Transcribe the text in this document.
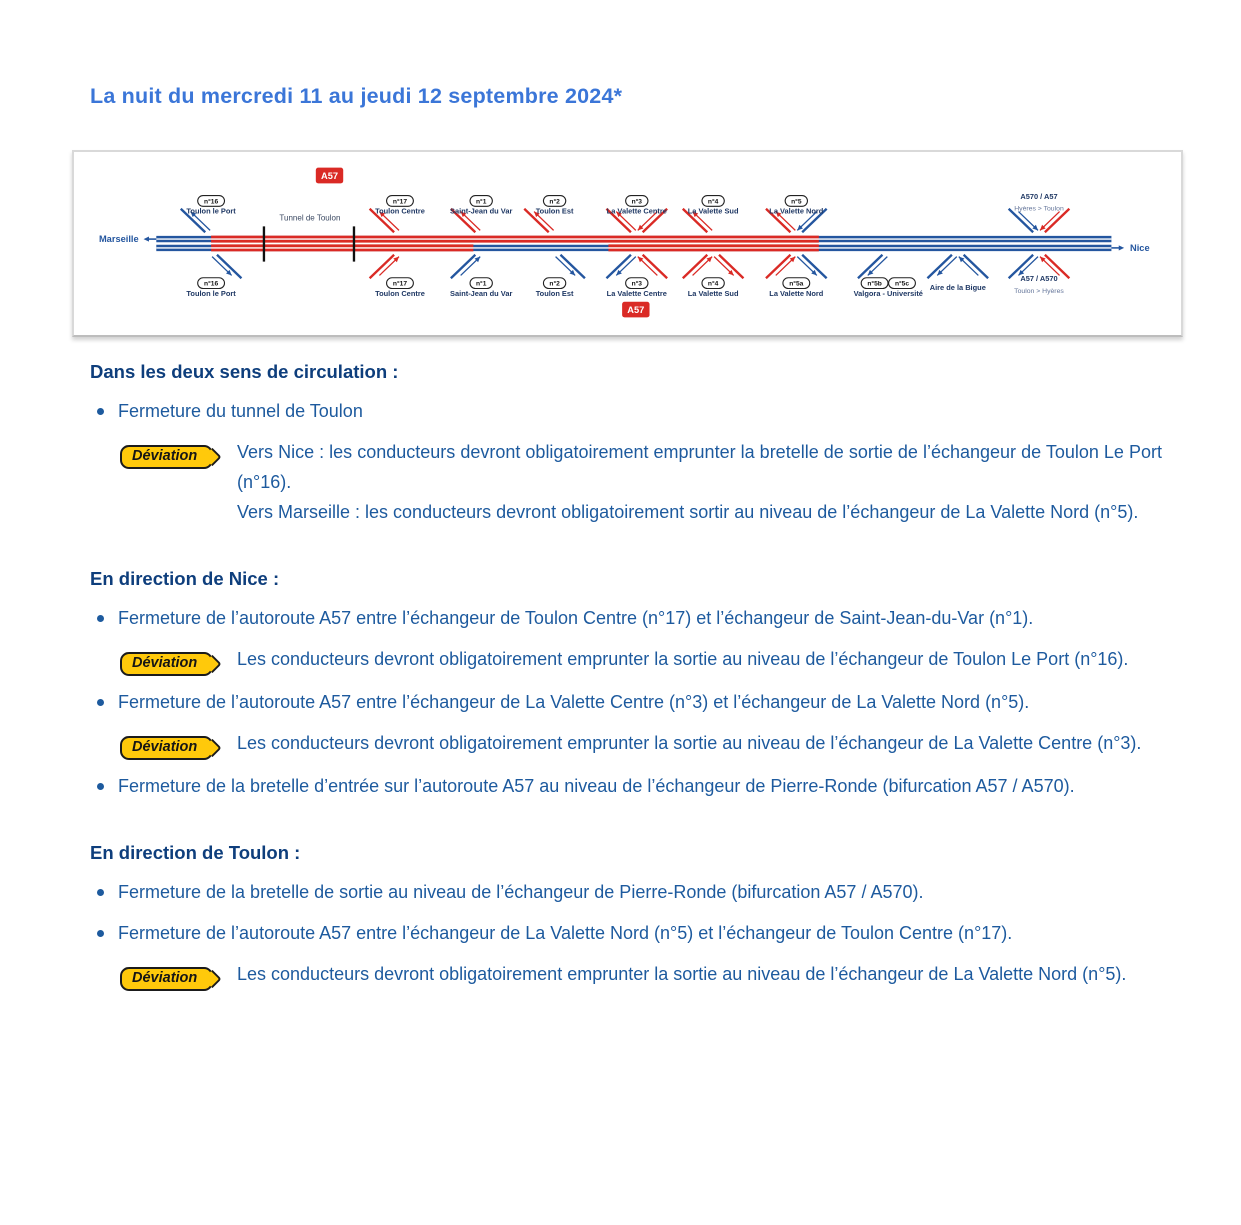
La nuit du mercredi 11 au jeudi 12 septembre 2024*
Tunnel de Toulon
Marseille
Nice
n°16
Toulon le Port
n°16
Toulon le Port
n°17
Toulon Centre
n°17
Toulon Centre
n°1
Saint-Jean du Var
n°1
Saint-Jean du Var
n°2
Toulon Est
n°2
Toulon Est
n°3
La Valette Centre
n°3
La Valette Centre
n°4
La Valette Sud
n°4
La Valette Sud
n°5
La Valette Nord
n°5a
La Valette Nord
n°5b n°5c
Valgora - Université
Aire de la Bigue
A570 / A57
Hyères > Toulon
A57 / A570
Toulon > Hyères
A57
A57
Dans les deux sens de circulation :

Fermeture du tunnel de Toulon

Déviation	Vers Nice : les conducteurs devront obligatoirement emprunter la bretelle de sortie de l’échangeur de Toulon Le Port (n°16).

Vers Marseille : les conducteurs devront obligatoirement sortir au niveau de l’échangeur de La Valette Nord (n°5).

En direction de Nice :

Fermeture de l’autoroute A57 entre l’échangeur de Toulon Centre (n°17) et l’échangeur de Saint-Jean-du-Var (n°1).

Déviation	Les conducteurs devront obligatoirement emprunter la sortie au niveau de l’échangeur de Toulon Le Port (n°16).

Fermeture de l’autoroute A57 entre l’échangeur de La Valette Centre (n°3) et l’échangeur de La Valette Nord (n°5).

Déviation	Les conducteurs devront obligatoirement emprunter la sortie au niveau de l’échangeur de La Valette Centre (n°3).

Fermeture de la bretelle d’entrée sur l’autoroute A57 au niveau de l’échangeur de Pierre-Ronde (bifurcation A57 / A570).

En direction de Toulon :

Fermeture de la bretelle de sortie au niveau de l’échangeur de Pierre-Ronde (bifurcation A57 / A570).

Fermeture de l’autoroute A57 entre l’échangeur de La Valette Nord (n°5) et l’échangeur de Toulon Centre (n°17).

Déviation	Les conducteurs devront obligatoirement emprunter la sortie au niveau de l’échangeur de La Valette Nord (n°5).
